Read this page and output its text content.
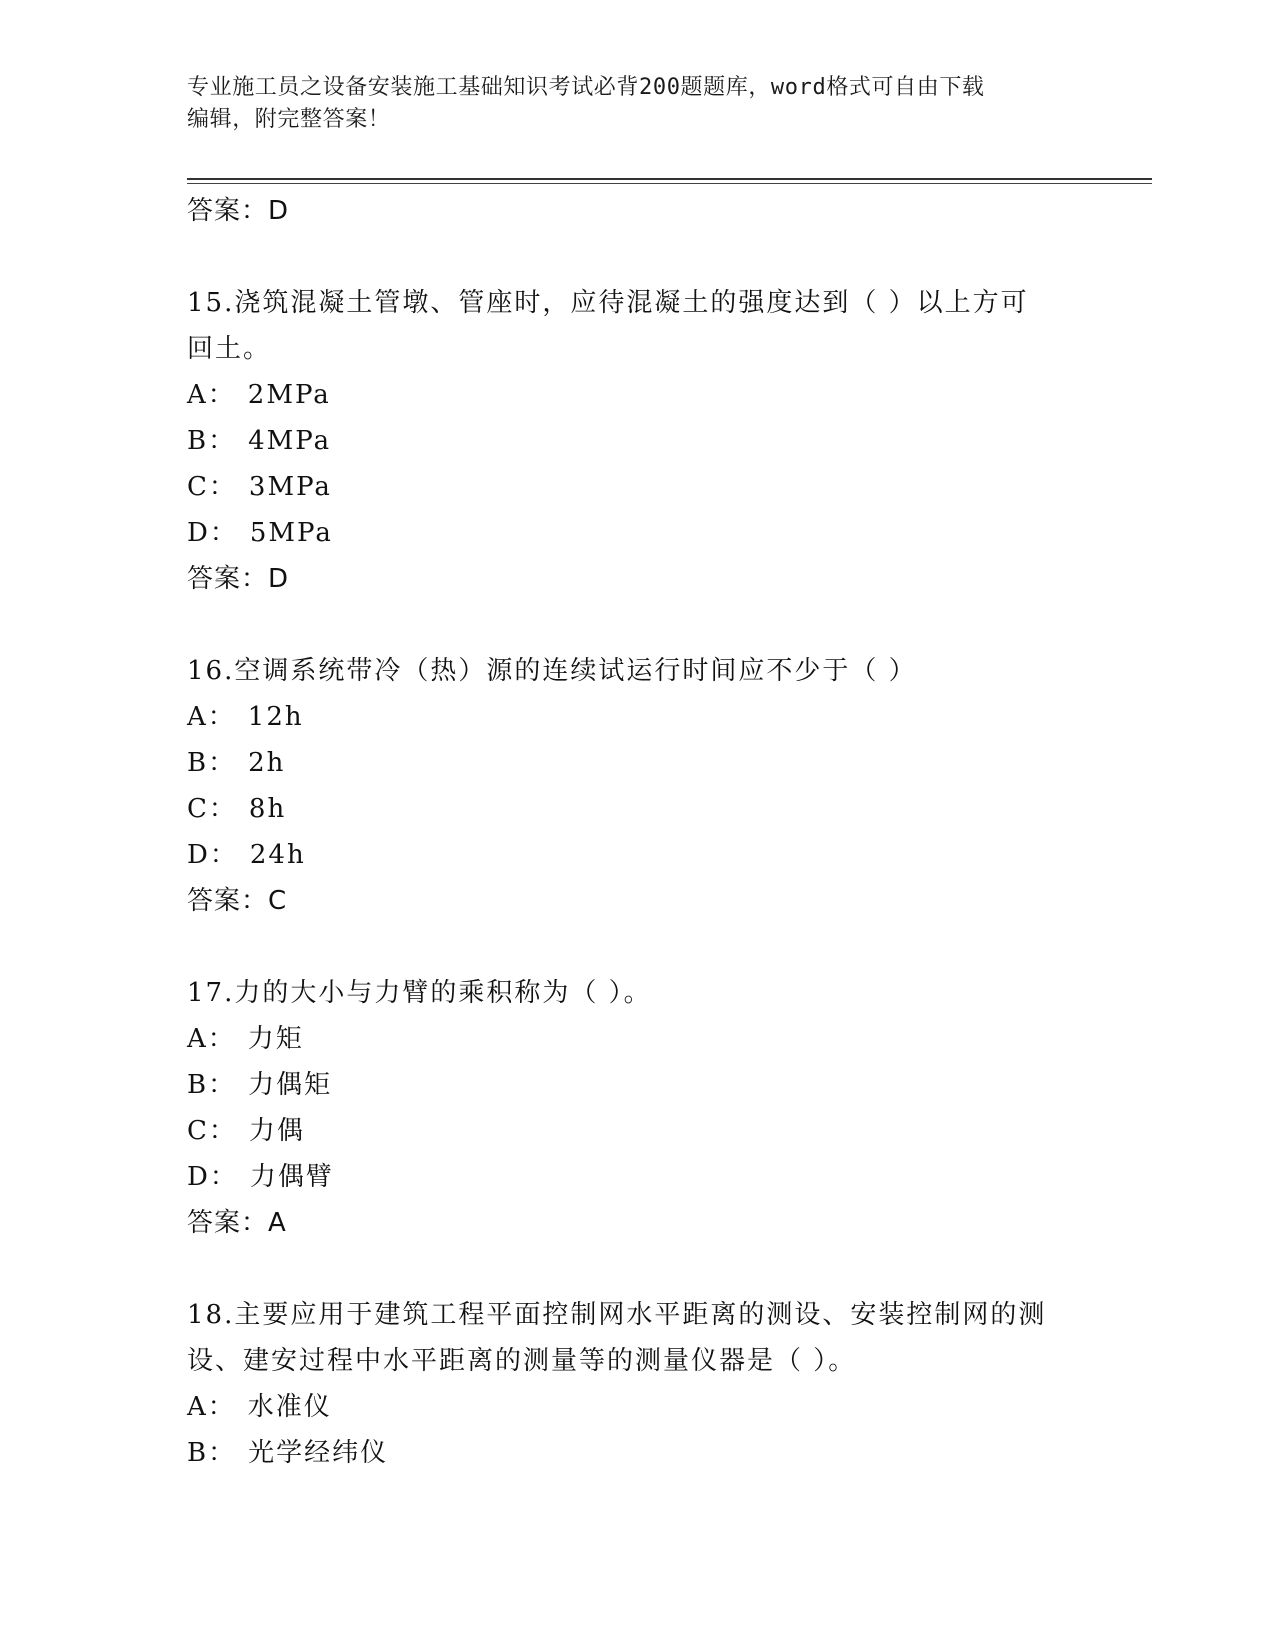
专业施工员之设备安装施工基础知识考试必背200题题库，word格式可自由下载
编辑，附完整答案！
答案：D
15.浇筑混凝土管墩、管座时，应待混凝土的强度达到（ ）以上方可
回土。
A： 2MPa
B： 4MPa
C： 3MPa
D： 5MPa
答案：D
16.空调系统带冷（热）源的连续试运行时间应不少于（ ）
A： 12h
B： 2h
C： 8h
D： 24h
答案：C
17.力的大小与力臂的乘积称为（ ）。
A： 力矩
B： 力偶矩
C： 力偶
D： 力偶臂
答案：A
18.主要应用于建筑工程平面控制网水平距离的测设、安装控制网的测
设、建安过程中水平距离的测量等的测量仪器是（ ）。
A： 水准仪
B： 光学经纬仪
